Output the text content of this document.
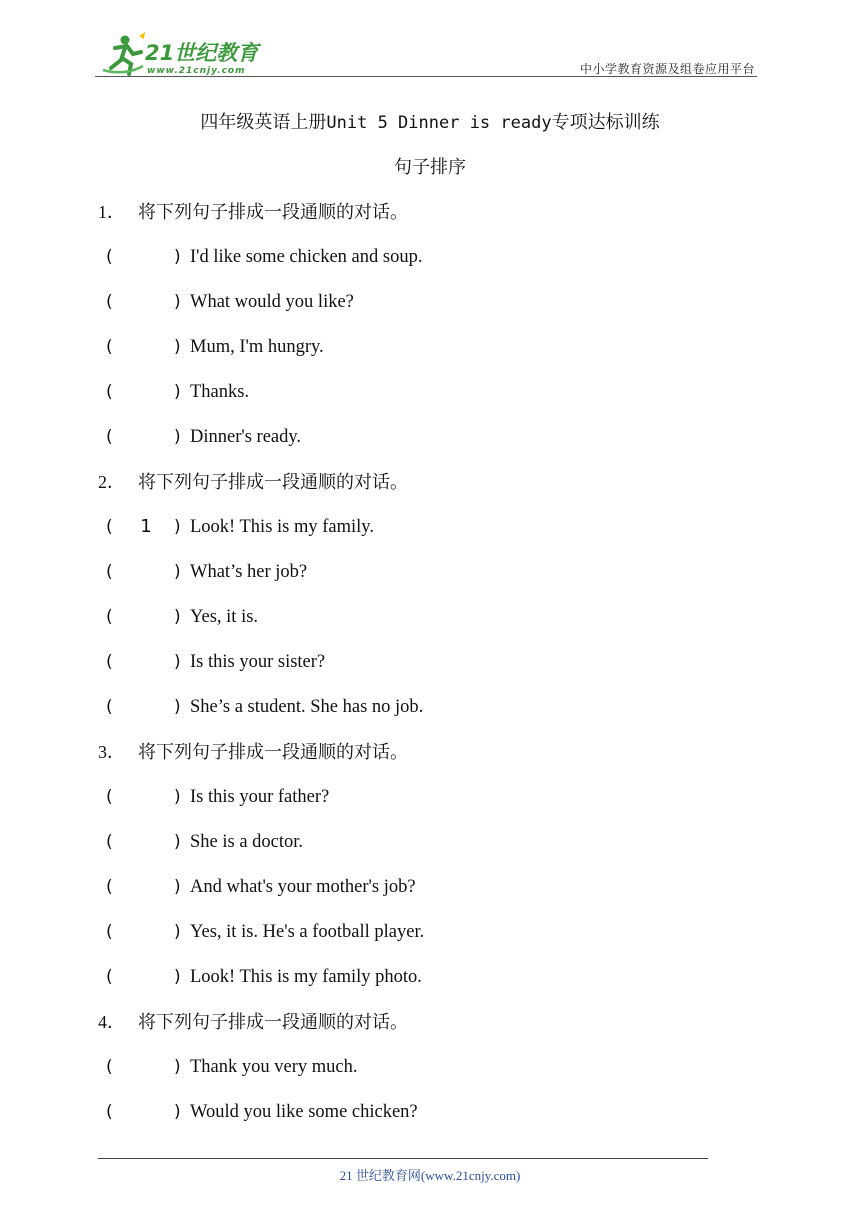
21世纪教育
www.21cnjy.com	中小学教育资源及组卷应用平台
四年级英语上册Unit 5 Dinner is ready专项达标训练
句子排序
1． 将下列句子排成一段通顺的对话。
(	) I'd like some chicken and soup.
(	) What would you like?
(	) Mum, I'm hungry.
(	) Thanks.
(	) Dinner's ready.
2． 将下列句子排成一段通顺的对话。
(	1	) Look! This is my family.
(	) What’s her job?
(	) Yes, it is.
(	) Is this your sister?
(	) She’s a student. She has no job.
3． 将下列句子排成一段通顺的对话。
(	) Is this your father?
(	) She is a doctor.
(	) And what's your mother's job?
(	) Yes, it is. He's a football player.
(	) Look! This is my family photo.
4． 将下列句子排成一段通顺的对话。
(	) Thank you very much.
(	) Would you like some chicken?
21 世纪教育网(www.21cnjy.com)
